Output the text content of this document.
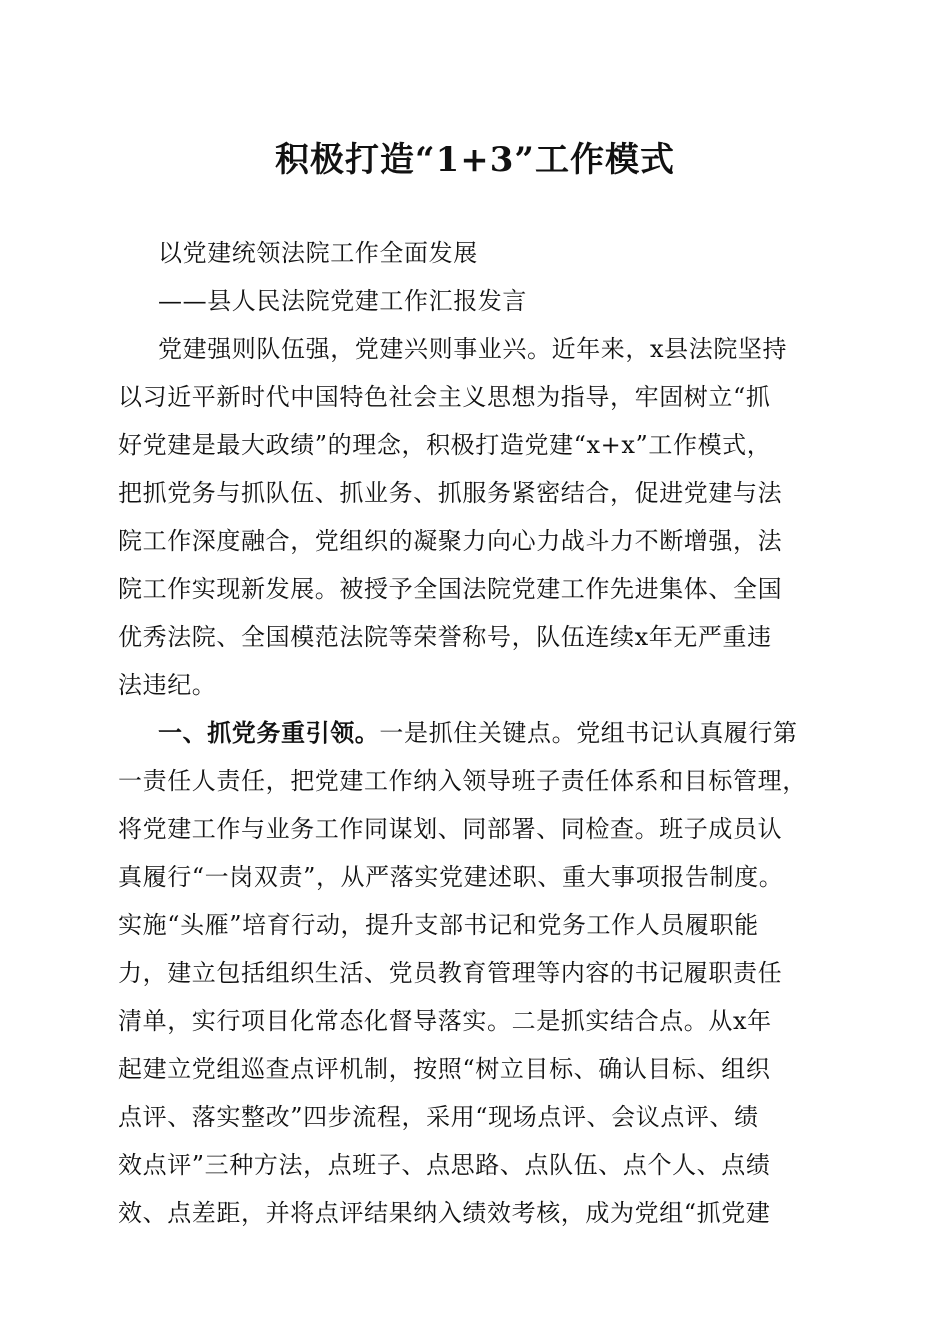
积极打造“1+3”工作模式
以党建统领法院工作全面发展
——县人民法院党建工作汇报发言
党建强则队伍强，党建兴则事业兴。近年来，x县法院坚持
以习近平新时代中国特色社会主义思想为指导，牢固树立“抓
好党建是最大政绩”的理念，积极打造党建“x+x”工作模式，
把抓党务与抓队伍、抓业务、抓服务紧密结合，促进党建与法
院工作深度融合，党组织的凝聚力向心力战斗力不断增强，法
院工作实现新发展。被授予全国法院党建工作先进集体、全国
优秀法院、全国模范法院等荣誉称号，队伍连续x年无严重违
法违纪。
一、抓党务重引领。一是抓住关键点。党组书记认真履行第
一责任人责任，把党建工作纳入领导班子责任体系和目标管理，
将党建工作与业务工作同谋划、同部署、同检查。班子成员认
真履行“一岗双责”，从严落实党建述职、重大事项报告制度。
实施“头雁”培育行动，提升支部书记和党务工作人员履职能
力，建立包括组织生活、党员教育管理等内容的书记履职责任
清单，实行项目化常态化督导落实。二是抓实结合点。从x年
起建立党组巡查点评机制，按照“树立目标、确认目标、组织
点评、落实整改”四步流程，采用“现场点评、会议点评、绩
效点评”三种方法，点班子、点思路、点队伍、点个人、点绩
效、点差距，并将点评结果纳入绩效考核，成为党组“抓党建
